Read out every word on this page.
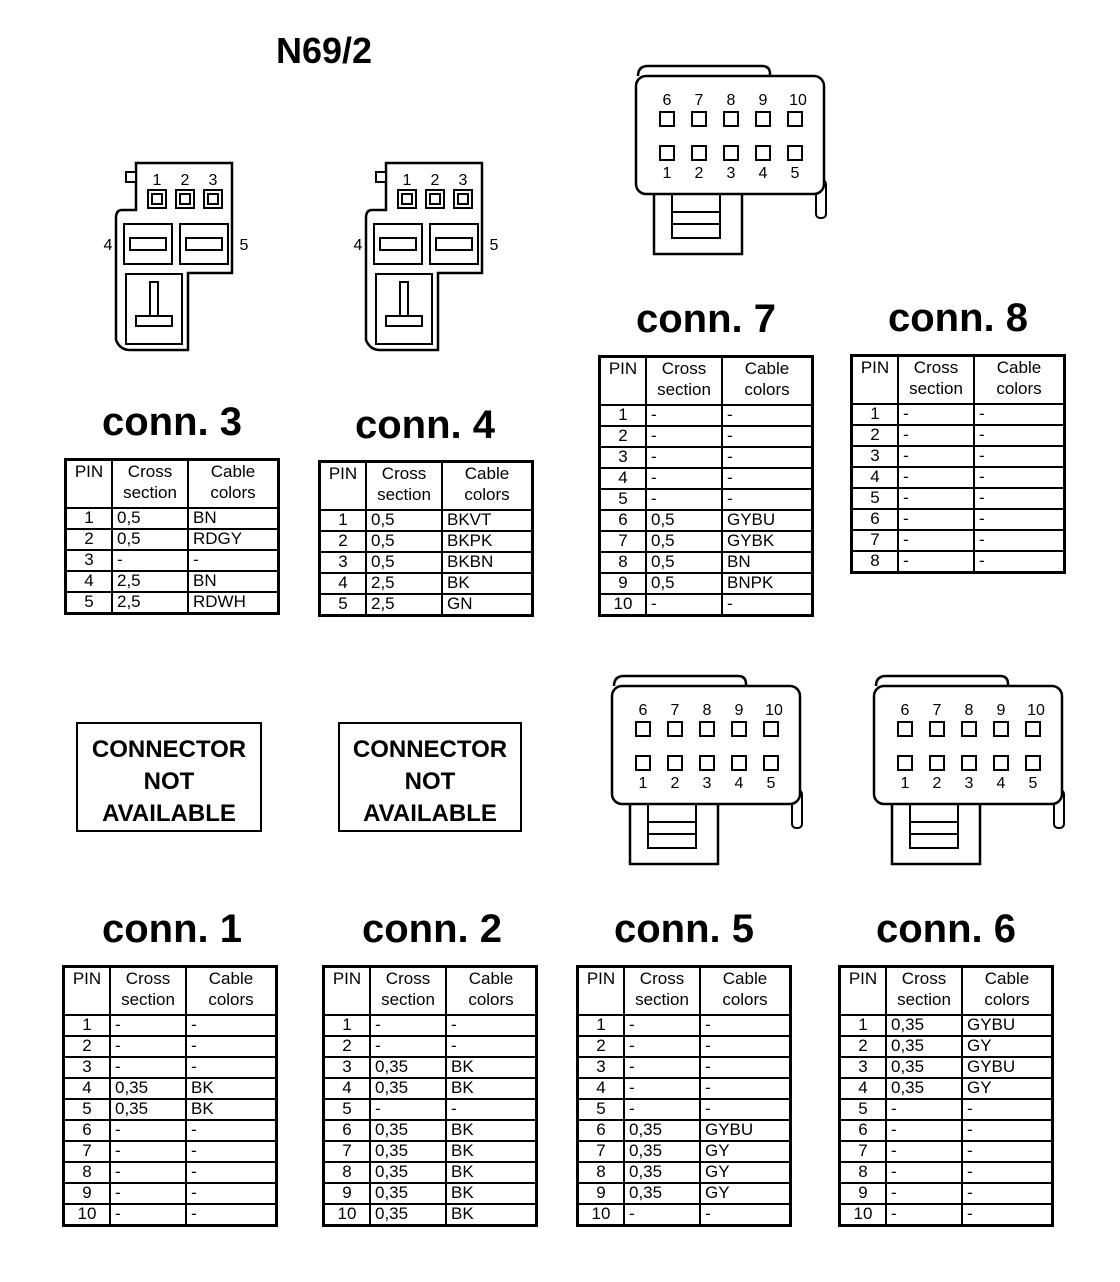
N69/2
1 2 3
4	5
1 2 3
4	5
6 7 8 9 10
1 2 3 4 5
6 7 8 9 10
1 2 3 4 5
6 7 8 9 10
1 2 3 4 5
CONNECTOR
NOT
AVAILABLE
CONNECTOR
NOT
AVAILABLE
conn. 3	conn. 4
conn. 7	conn. 8
conn. 1	conn. 2	conn. 5	conn. 6
PIN	Cross section	Cable colors
1	0,5	BN
2	0,5	RDGY
3	-	-
4	2,5	BN
5	2,5	RDWH
PIN	Cross section	Cable colors
1	0,5	BKVT
2	0,5	BKPK
3	0,5	BKBN
4	2,5	BK
5	2,5	GN
PIN	Cross section	Cable colors
1	-	-
2	-	-
3	-	-
4	-	-
5	-	-
6	0,5	GYBU
7	0,5	GYBK
8	0,5	BN
9	0,5	BNPK
10	-	-
PIN	Cross section	Cable colors
1	-	-
2	-	-
3	-	-
4	-	-
5	-	-
6	-	-
7	-	-
8	-	-
PIN	Cross section	Cable colors
1	-	-
2	-	-
3	-	-
4	0,35	BK
5	0,35	BK
6	-	-
7	-	-
8	-	-
9	-	-
10	-	-
PIN	Cross section	Cable colors
1	-	-
2	-	-
3	0,35	BK
4	0,35	BK
5	-	-
6	0,35	BK
7	0,35	BK
8	0,35	BK
9	0,35	BK
10	0,35	BK
PIN	Cross section	Cable colors
1	-	-
2	-	-
3	-	-
4	-	-
5	-	-
6	0,35	GYBU
7	0,35	GY
8	0,35	GY
9	0,35	GY
10	-	-
PIN	Cross section	Cable colors
1	0,35	GYBU
2	0,35	GY
3	0,35	GYBU
4	0,35	GY
5	-	-
6	-	-
7	-	-
8	-	-
9	-	-
10	-	-
